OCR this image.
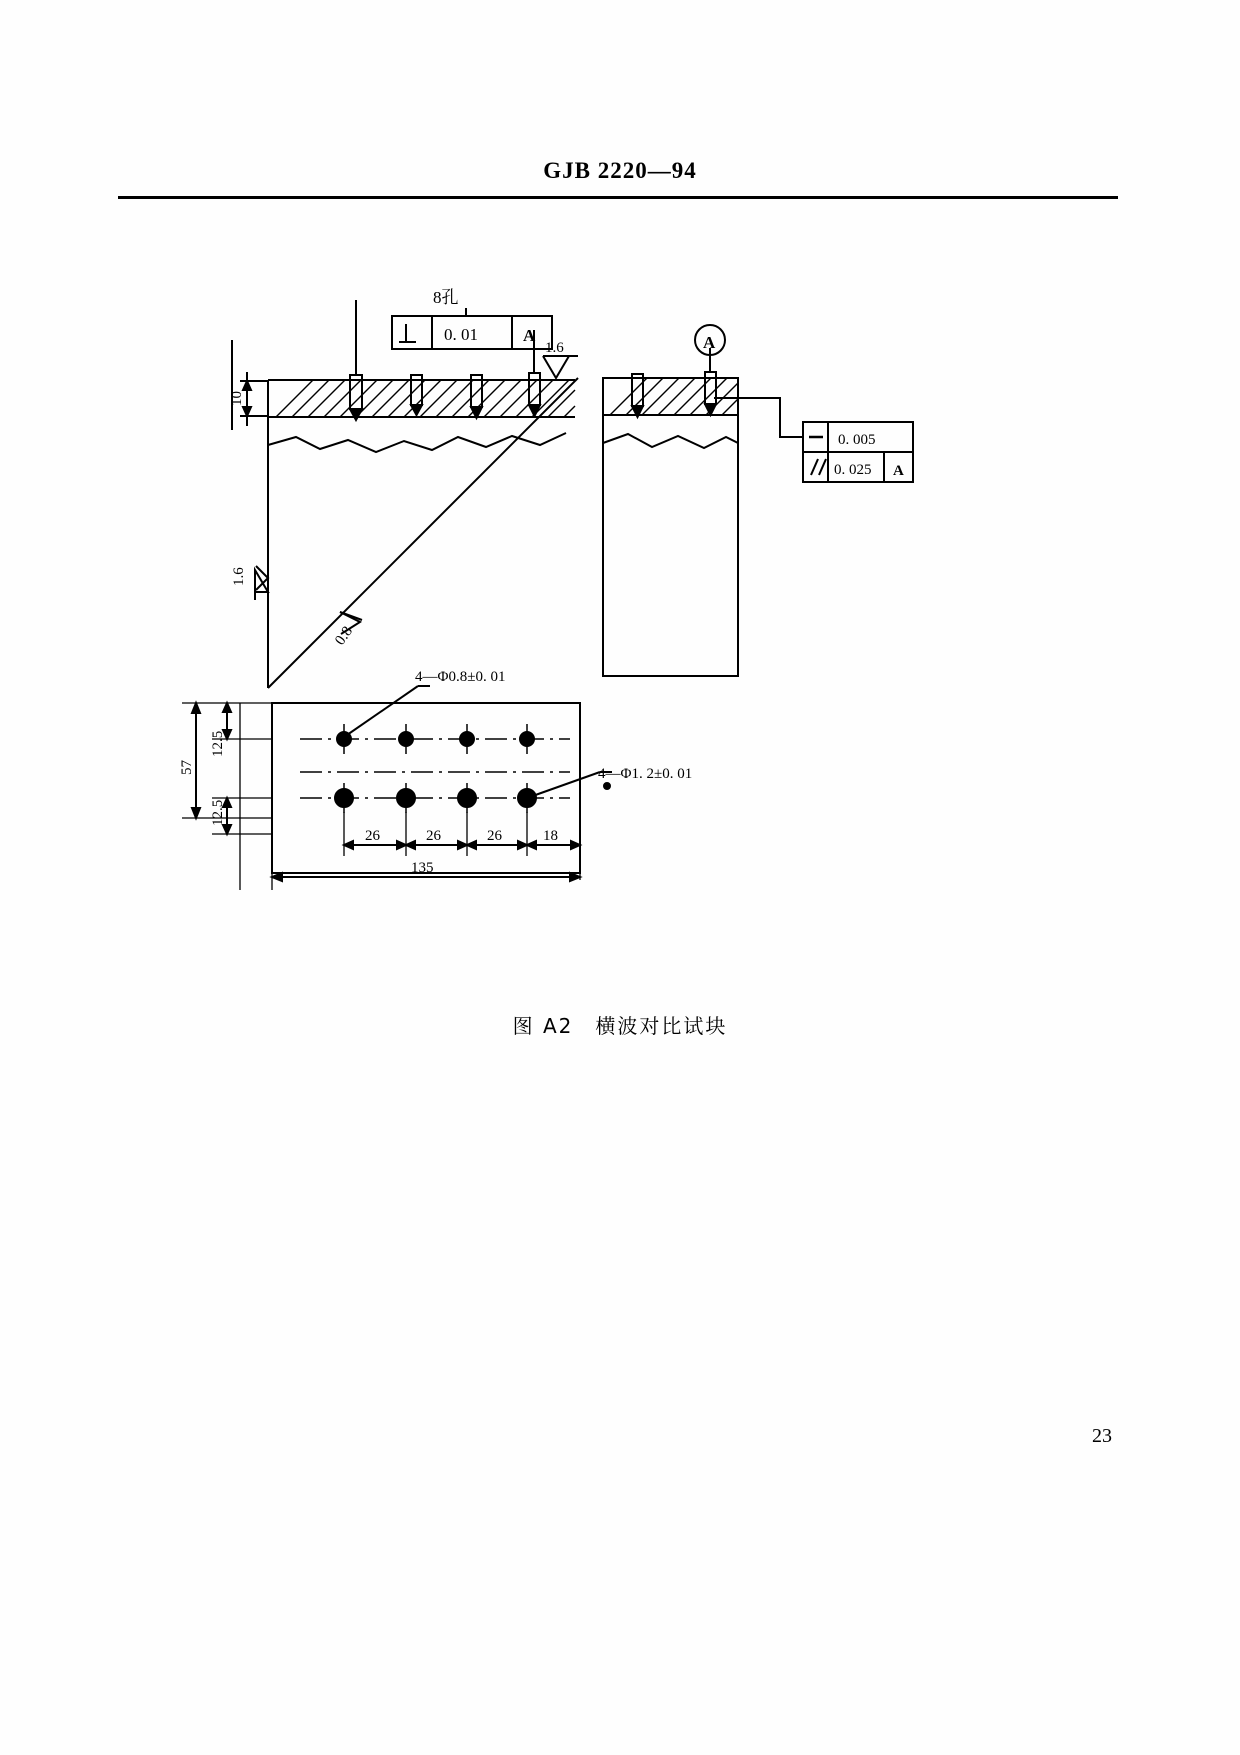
GJB 2220—94
8孔
0. 01	A
1.6
10
1.6
0.8
A
0. 005
0. 025 A
4—Φ0.8±0. 01
4—Φ1. 2±0. 01
57
12.5
12.5
26	26	26	18
135
图 A2　横波对比试块
23
